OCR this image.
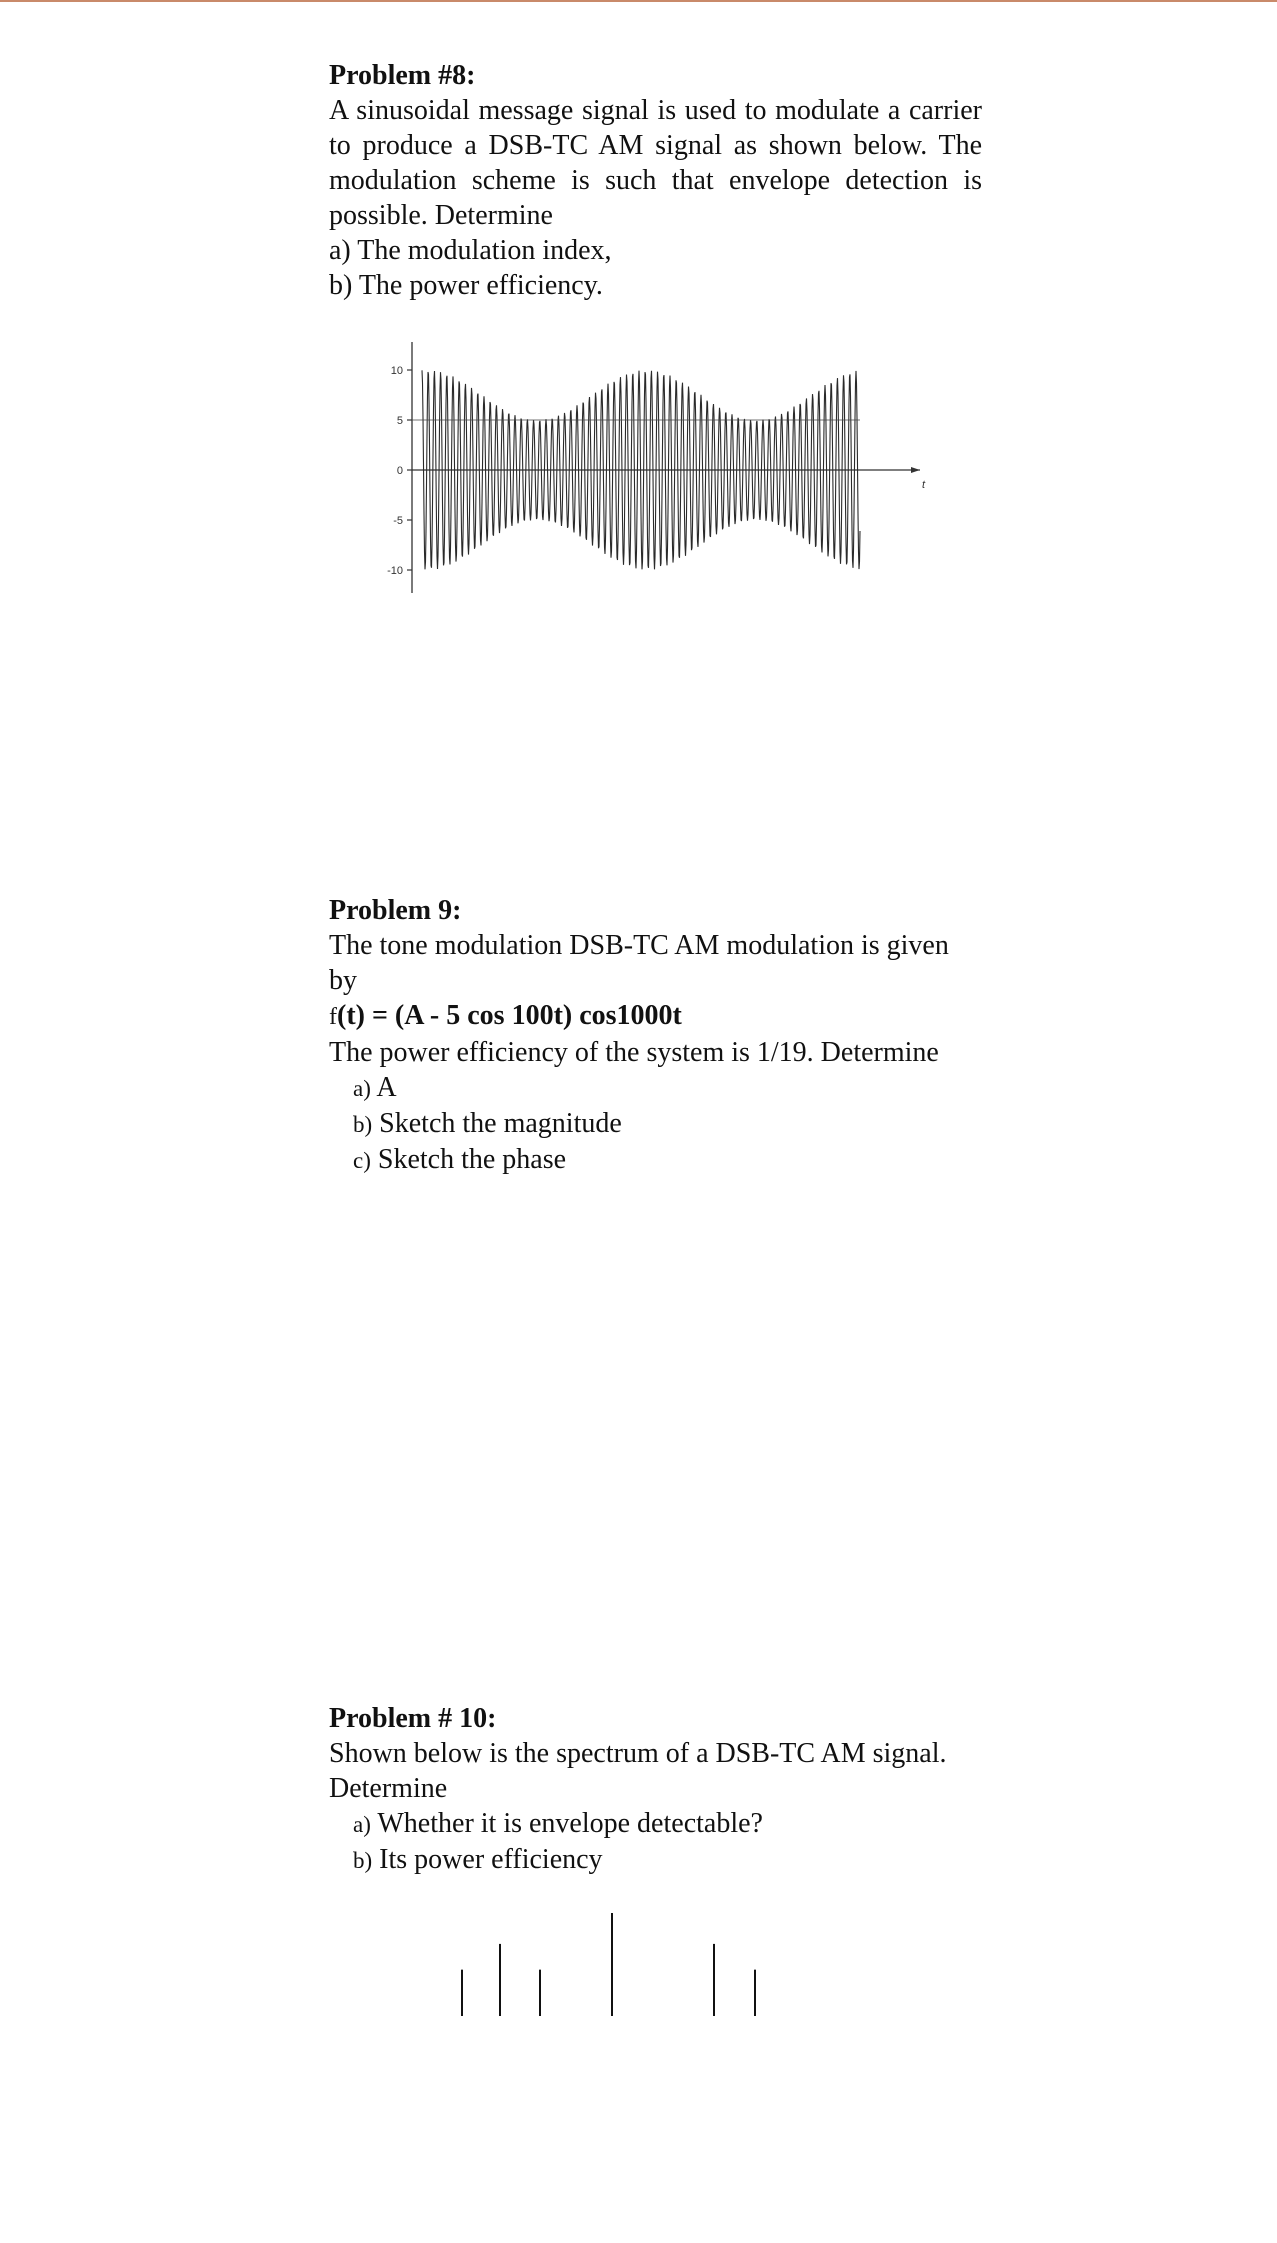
Problem #8:
A sinusoidal message signal is used to modulate a carrier to produce a DSB-TC AM signal as shown below. The modulation scheme is such that envelope detection is possible. Determine
a) The modulation index,
b) The power efficiency.
10
5
0
-5
-10
t
Problem 9:
The tone modulation DSB-TC AM modulation is given
by
f(t) = (A - 5 cos 100t) cos1000t
The power efficiency of the system is 1/19. Determine
a) A
b) Sketch the magnitude
c) Sketch the phase
Problem # 10:
Shown below is the spectrum of a DSB-TC AM signal.
Determine
a) Whether it is envelope detectable?
b) Its power efficiency
